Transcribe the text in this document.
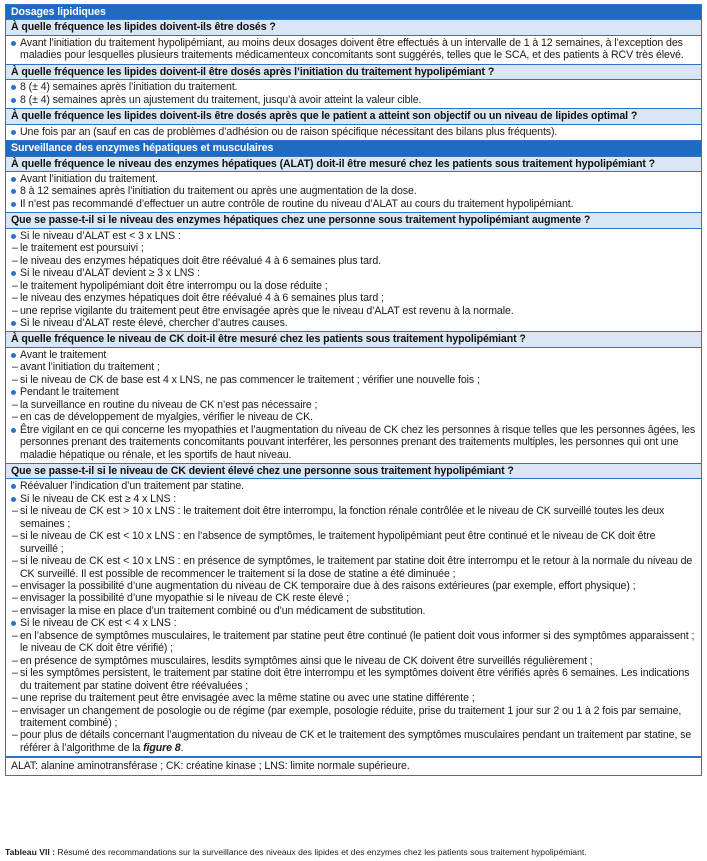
Dosages lipidiques
À quelle fréquence les lipides doivent-ils être dosés ?
Avant l’initiation du traitement hypolipémiant, au moins deux dosages doivent être effectués à un intervalle de 1 à 12 semaines, à l’exception des maladies pour lesquelles plusieurs traitements médicamenteux concomitants sont suggérés, telles que le SCA, et des patients à RCV très élevé.
À quelle fréquence les lipides doivent-il être dosés après l’initiation du traitement hypolipémiant ?
8 (± 4) semaines après l’initiation du traitement.
8 (± 4) semaines après un ajustement du traitement, jusqu’à avoir atteint la valeur cible.
À quelle fréquence les lipides doivent-ils être dosés après que le patient a atteint son objectif ou un niveau de lipides optimal ?
Une fois par an (sauf en cas de problèmes d’adhésion ou de raison spécifique nécessitant des bilans plus fréquents).
Surveillance des enzymes hépatiques et musculaires
À quelle fréquence le niveau des enzymes hépatiques (ALAT) doit-il être mesuré chez les patients sous traitement hypolipémiant ?
Avant l’initiation du traitement.
8 à 12 semaines après l’initiation du traitement ou après une augmentation de la dose.
Il n’est pas recommandé d’effectuer un autre contrôle de routine du niveau d’ALAT au cours du traitement hypolipémiant.
Que se passe-t-il si le niveau des enzymes hépatiques chez une personne sous traitement hypolipémiant augmente ?
Si le niveau d’ALAT est < 3 x LNS :
– le traitement est poursuivi ;
– le niveau des enzymes hépatiques doit être réévalué 4 à 6 semaines plus tard.
Si le niveau d’ALAT devient ≥ 3 x LNS :
– le traitement hypolipémiant doit être interrompu ou la dose réduite ;
– le niveau des enzymes hépatiques doit être réévalué 4 à 6 semaines plus tard ;
– une reprise vigilante du traitement peut être envisagée après que le niveau d’ALAT est revenu à la normale.
Si le niveau d’ALAT reste élevé, chercher d’autres causes.
À quelle fréquence le niveau de CK doit-il être mesuré chez les patients sous traitement hypolipémiant ?
Avant le traitement
– avant l’initiation du traitement ;
– si le niveau de CK de base est 4 x LNS, ne pas commencer le traitement ; vérifier une nouvelle fois ;
Pendant le traitement
– la surveillance en routine du niveau de CK n’est pas nécessaire ;
– en cas de développement de myalgies, vérifier le niveau de CK.
Être vigilant en ce qui concerne les myopathies et l’augmentation du niveau de CK chez les personnes à risque telles que les personnes âgées, les personnes prenant des traitements concomitants pouvant interférer, les personnes prenant des traitements multiples, les personnes qui ont une maladie hépatique ou rénale, et les sportifs de haut niveau.
Que se passe-t-il si le niveau de CK devient élevé chez une personne sous traitement hypolipémiant ?
Réévaluer l’indication d’un traitement par statine.
Si le niveau de CK est ≥ 4 x LNS :
– si le niveau de CK est > 10 x LNS : le traitement doit être interrompu, la fonction rénale contrôlée et le niveau de CK surveillé toutes les deux semaines ;
– si le niveau de CK est < 10 x LNS : en l’absence de symptômes, le traitement hypolipémiant peut être continué et le niveau de CK doit être surveillé ;
– si le niveau de CK est < 10 x LNS : en présence de symptômes, le traitement par statine doit être interrompu et le retour à la normale du niveau de CK surveillé. Il est possible de recommencer le traitement si la dose de statine a été diminuée ;
– envisager la possibilité d’une augmentation du niveau de CK temporaire due à des raisons extérieures (par exemple, effort physique) ;
– envisager la possibilité d’une myopathie si le niveau de CK reste élevé ;
– envisager la mise en place d’un traitement combiné ou d’un médicament de substitution.
Si le niveau de CK est < 4 x LNS :
– en l’absence de symptômes musculaires, le traitement par statine peut être continué (le patient doit vous informer si des symptômes apparaissent ; le niveau de CK doit être vérifié) ;
– en présence de symptômes musculaires, lesdits symptômes ainsi que le niveau de CK doivent être surveillés régulièrement ;
– si les symptômes persistent, le traitement par statine doit être interrompu et les symptômes doivent être vérifiés après 6 semaines. Les indications du traitement par statine doivent être réévaluées ;
– une reprise du traitement peut être envisagée avec la même statine ou avec une statine différente ;
– envisager un changement de posologie ou de régime (par exemple, posologie réduite, prise du traitement 1 jour sur 2 ou 1 à 2 fois par semaine, traitement combiné) ;
– pour plus de détails concernant l’augmentation du niveau de CK et le traitement des symptômes musculaires pendant un traitement par statine, se référer à l’algorithme de la figure 8.
ALAT: alanine aminotransférase ; CK: créatine kinase ; LNS: limite normale supérieure.
Tableau VII : Résumé des recommandations sur la surveillance des niveaux des lipides et des enzymes chez les patients sous traitement hypolipémiant.
